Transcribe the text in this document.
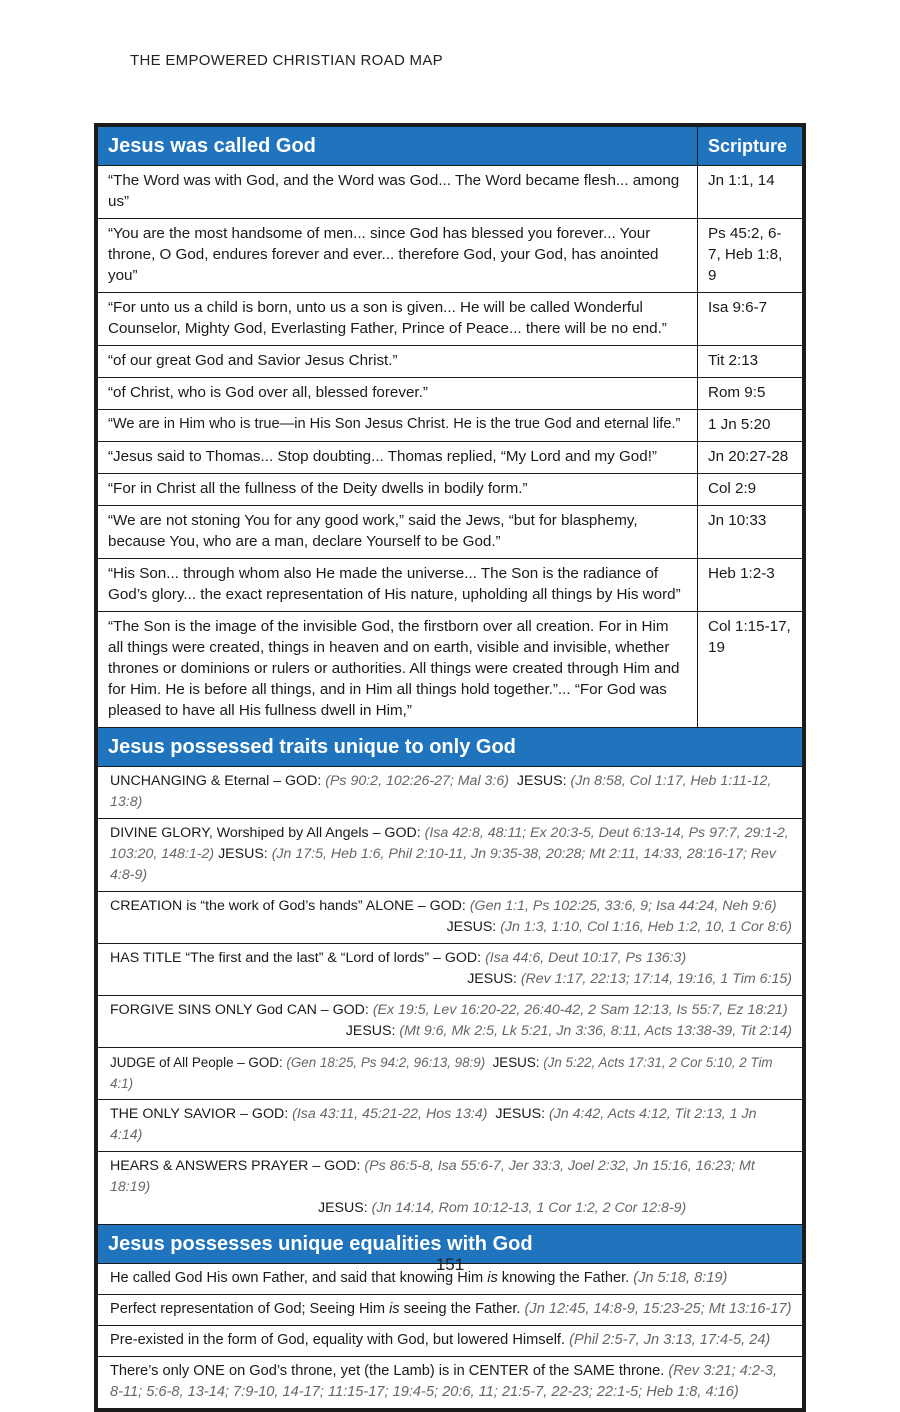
THE EMPOWERED CHRISTIAN ROAD MAP
Jesus was called God	Scripture
“The Word was with God, and the Word was God... The Word became flesh... among us”	Jn 1:1, 14
“You are the most handsome of men... since God has blessed you forever... Your throne, O God, endures forever and ever... therefore God, your God, has anointed you”	Ps 45:2, 6-7, Heb 1:8, 9
“For unto us a child is born, unto us a son is given... He will be called Wonderful Counselor, Mighty God, Everlasting Father, Prince of Peace... there will be no end.”	Isa 9:6-7
“of our great God and Savior Jesus Christ.”	Tit 2:13
“of Christ, who is God over all, blessed forever.”	Rom 9:5
“We are in Him who is true—in His Son Jesus Christ. He is the true God and eternal life.”	1 Jn 5:20
“Jesus said to Thomas... Stop doubting... Thomas replied, “My Lord and my God!”	Jn 20:27-28
“For in Christ all the fullness of the Deity dwells in bodily form.”	Col 2:9
“We are not stoning You for any good work,” said the Jews, “but for blasphemy, because You, who are a man, declare Yourself to be God.”	Jn 10:33
“His Son... through whom also He made the universe... The Son is the radiance of God’s glory... the exact representation of His nature, upholding all things by His word”	Heb 1:2-3
“The Son is the image of the invisible God, the firstborn over all creation. For in Him all things were created, things in heaven and on earth, visible and invisible, whether thrones or dominions or rulers or authorities. All things were created through Him and for Him. He is before all things, and in Him all things hold together.”... “For God was pleased to have all His fullness dwell in Him,”	Col 1:15-17, 19
Jesus possessed traits unique to only God	
UNCHANGING & Eternal – GOD: (Ps 90:2, 102:26-27; Mal 3:6) JESUS: (Jn 8:58, Col 1:17, Heb 1:11-12, 13:8)	
DIVINE GLORY, Worshiped by All Angels – GOD: (Isa 42:8, 48:11; Ex 20:3-5, Deut 6:13-14, Ps 97:7, 29:1-2, 103:20, 148:1-2) JESUS: (Jn 17:5, Heb 1:6, Phil 2:10-11, Jn 9:35-38, 20:28; Mt 2:11, 14:33, 28:16-17; Rev 4:8-9)	
CREATION is “the work of God’s hands” ALONE – GOD: (Gen 1:1, Ps 102:25, 33:6, 9; Isa 44:24, Neh 9:6)
JESUS: (Jn 1:3, 1:10, Col 1:16, Heb 1:2, 10, 1 Cor 8:6)	

HAS TITLE “The first and the last” & “Lord of lords” – GOD: (Isa 44:6, Deut 10:17, Ps 136:3)
JESUS: (Rev 1:17, 22:13; 17:14, 19:16, 1 Tim 6:15)	

FORGIVE SINS ONLY God CAN – GOD: (Ex 19:5, Lev 16:20-22, 26:40-42, 2 Sam 12:13, Is 55:7, Ez 18:21)
JESUS: (Mt 9:6, Mk 2:5, Lk 5:21, Jn 3:36, 8:11, Acts 13:38-39, Tit 2:14)	

JUDGE of All People – GOD: (Gen 18:25, Ps 94:2, 96:13, 98:9) JESUS: (Jn 5:22, Acts 17:31, 2 Cor 5:10, 2 Tim 4:1)	
THE ONLY SAVIOR – GOD: (Isa 43:11, 45:21-22, Hos 13:4) JESUS: (Jn 4:42, Acts 4:12, Tit 2:13, 1 Jn 4:14)	
HEARS & ANSWERS PRAYER – GOD: (Ps 86:5-8, Isa 55:6-7, Jer 33:3, Joel 2:32, Jn 15:16, 16:23; Mt 18:19)
JESUS: (Jn 14:14, Rom 10:12-13, 1 Cor 1:2, 2 Cor 12:8-9)	

Jesus possesses unique equalities with God	
He called God His own Father, and said that knowing Him is knowing the Father. (Jn 5:18, 8:19)	
Perfect representation of God; Seeing Him is seeing the Father. (Jn 12:45, 14:8-9, 15:23-25; Mt 13:16-17)	
Pre-existed in the form of God, equality with God, but lowered Himself. (Phil 2:5-7, Jn 3:13, 17:4-5, 24)	
There’s only ONE on God’s throne, yet (the Lamb) is in CENTER of the SAME throne. (Rev 3:21; 4:2-3, 8-11; 5:6-8, 13-14; 7:9-10, 14-17; 11:15-17; 19:4-5; 20:6, 11; 21:5-7, 22-23; 22:1-5; Heb 1:8, 4:16)	
151
